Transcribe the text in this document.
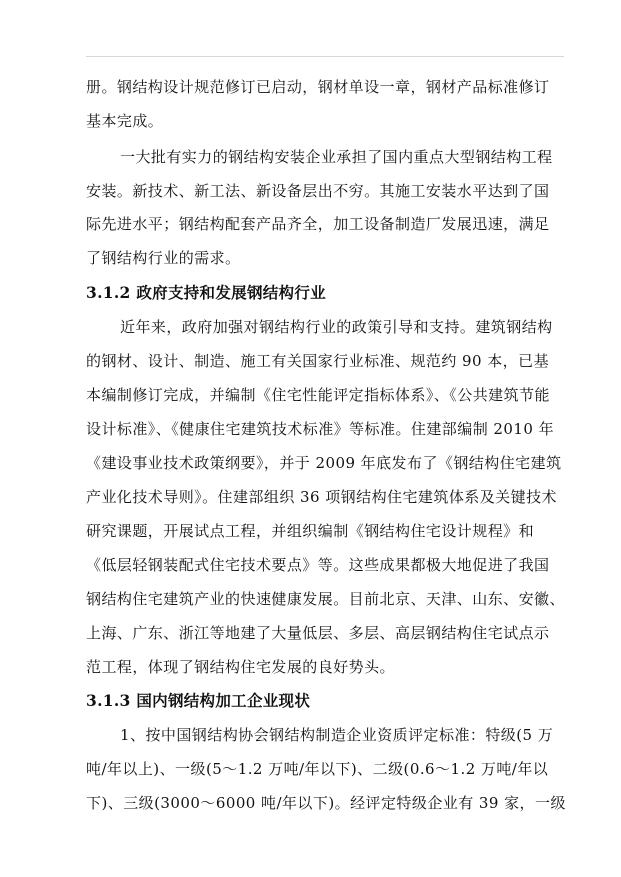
册。钢结构设计规范修订已启动，钢材单设一章，钢材产品标准修订
基本完成。
一大批有实力的钢结构安装企业承担了国内重点大型钢结构工程
安装。新技术、新工法、新设备层出不穷。其施工安装水平达到了国
际先进水平；钢结构配套产品齐全，加工设备制造厂发展迅速，满足
了钢结构行业的需求。
3.1.2 政府支持和发展钢结构行业
近年来，政府加强对钢结构行业的政策引导和支持。建筑钢结构
的钢材、设计、制造、施工有关国家行业标准、规范约 90 本，已基
本编制修订完成，并编制《住宅性能评定指标体系》、《公共建筑节能
设计标准》、《健康住宅建筑技术标准》等标准。住建部编制 2010 年
《建设事业技术政策纲要》，并于 2009 年底发布了《钢结构住宅建筑
产业化技术导则》。住建部组织 36 项钢结构住宅建筑体系及关键技术
研究课题，开展试点工程，并组织编制《钢结构住宅设计规程》和
《低层轻钢装配式住宅技术要点》等。这些成果都极大地促进了我国
钢结构住宅建筑产业的快速健康发展。目前北京、天津、山东、安徽、
上海、广东、浙江等地建了大量低层、多层、高层钢结构住宅试点示
范工程，体现了钢结构住宅发展的良好势头。
3.1.3 国内钢结构加工企业现状
1、按中国钢结构协会钢结构制造企业资质评定标准：特级(5 万
吨/年以上)、一级(5～1.2 万吨/年以下)、二级(0.6～1.2 万吨/年以
下)、三级(3000～6000 吨/年以下)。经评定特级企业有 39 家，一级
